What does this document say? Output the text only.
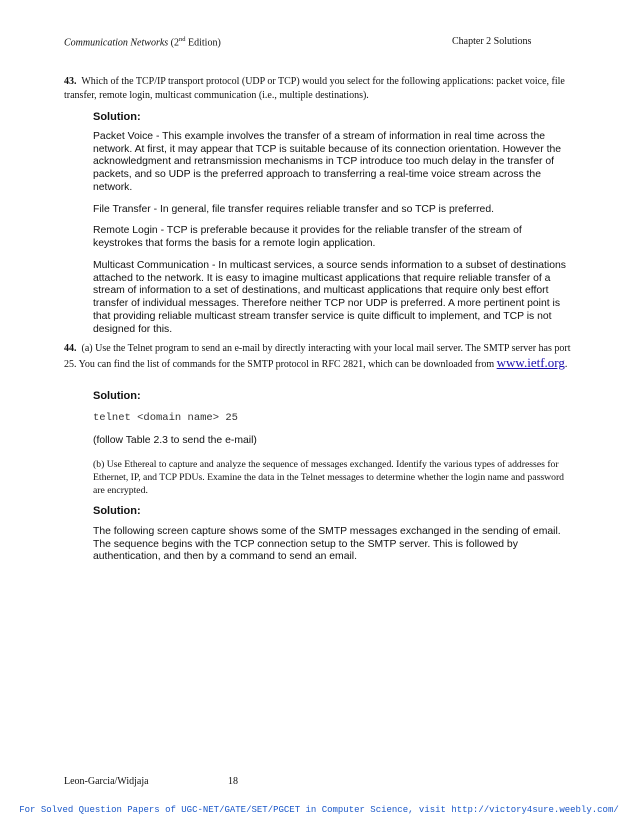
Communication Networks (2nd Edition)	Chapter 2 Solutions
43. Which of the TCP/IP transport protocol (UDP or TCP) would you select for the following applications: packet voice, file transfer, remote login, multicast communication (i.e., multiple destinations).
Solution:
Packet Voice - This example involves the transfer of a stream of information in real time across the network. At first, it may appear that TCP is suitable because of its connection orientation. However the acknowledgment and retransmission mechanisms in TCP introduce too much delay in the transfer of packets, and so UDP is the preferred approach to transferring a real-time voice stream across the network.
File Transfer - In general, file transfer requires reliable transfer and so TCP is preferred.
Remote Login - TCP is preferable because it provides for the reliable transfer of the stream of keystrokes that forms the basis for a remote login application.
Multicast Communication - In multicast services, a source sends information to a subset of destinations attached to the network. It is easy to imagine multicast applications that require reliable transfer of a stream of information to a set of destinations, and multicast applications that require only best effort transfer of individual messages. Therefore neither TCP nor UDP is preferred. A more pertinent point is that providing reliable multicast stream transfer service is quite difficult to implement, and TCP is not designed for this.
44. (a) Use the Telnet program to send an e-mail by directly interacting with your local mail server. The SMTP server has port 25. You can find the list of commands for the SMTP protocol in RFC 2821, which can be downloaded from www.ietf.org.
Solution:
telnet <domain name> 25
(follow Table 2.3 to send the e-mail)
(b) Use Ethereal to capture and analyze the sequence of messages exchanged. Identify the various types of addresses for Ethernet, IP, and TCP PDUs. Examine the data in the Telnet messages to determine whether the login name and password are encrypted.
Solution:
The following screen capture shows some of the SMTP messages exchanged in the sending of email. The sequence begins with the TCP connection setup to the SMTP server. This is followed by authentication, and then by a command to send an email.
Leon-Garcia/Widjaja	18
For Solved Question Papers of UGC-NET/GATE/SET/PGCET in Computer Science, visit http://victory4sure.weebly.com/
